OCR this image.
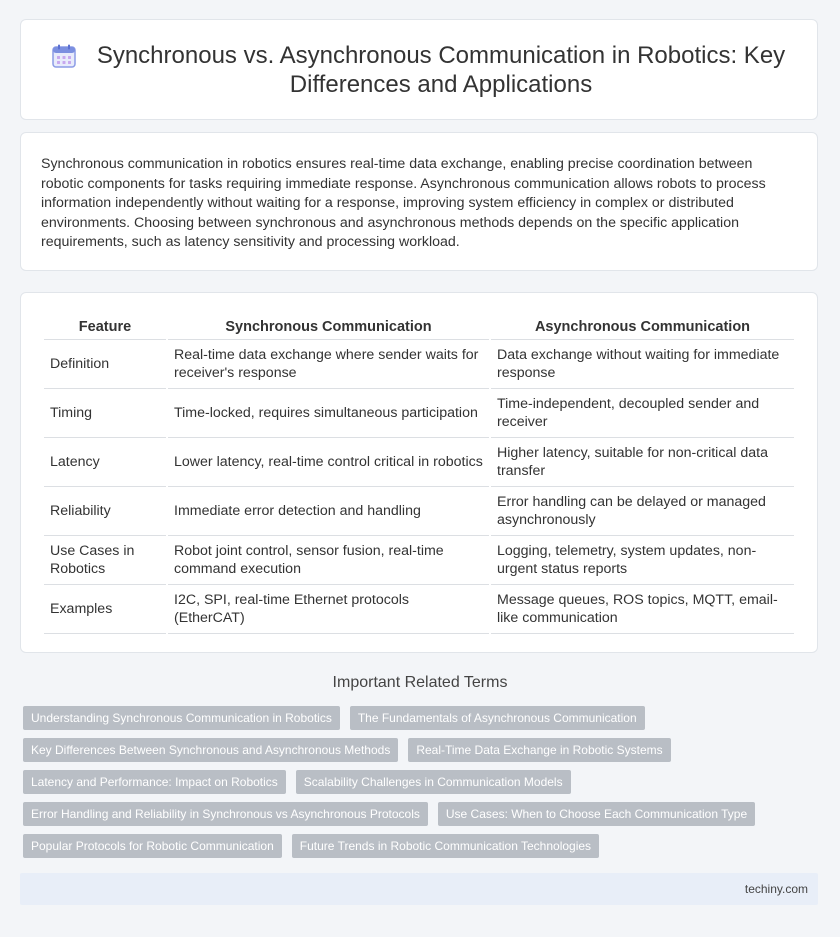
Synchronous vs. Asynchronous Communication in Robotics: Key Differences and Applications

Synchronous communication in robotics ensures real-time data exchange, enabling precise coordination between robotic components for tasks requiring immediate response. Asynchronous communication allows robots to process information independently without waiting for a response, improving system efficiency in complex or distributed environments. Choosing between synchronous and asynchronous methods depends on the specific application requirements, such as latency sensitivity and processing workload.

Feature	Synchronous Communication	Asynchronous Communication
Definition	Real-time data exchange where sender waits for receiver's response	Data exchange without waiting for immediate response
Timing	Time-locked, requires simultaneous participation	Time-independent, decoupled sender and receiver
Latency	Lower latency, real-time control critical in robotics	Higher latency, suitable for non-critical data transfer
Reliability	Immediate error detection and handling	Error handling can be delayed or managed asynchronously
Use Cases in Robotics	Robot joint control, sensor fusion, real-time command execution	Logging, telemetry, system updates, non-urgent status reports
Examples	I2C, SPI, real-time Ethernet protocols (EtherCAT)	Message queues, ROS topics, MQTT, email-like communication
Important Related Terms
Understanding Synchronous Communication in Robotics The Fundamentals of Asynchronous Communication
Key Differences Between Synchronous and Asynchronous Methods Real-Time Data Exchange in Robotic Systems
Latency and Performance: Impact on Robotics Scalability Challenges in Communication Models
Error Handling and Reliability in Synchronous vs Asynchronous Protocols Use Cases: When to Choose Each Communication Type
Popular Protocols for Robotic Communication Future Trends in Robotic Communication Technologies
techiny.com
